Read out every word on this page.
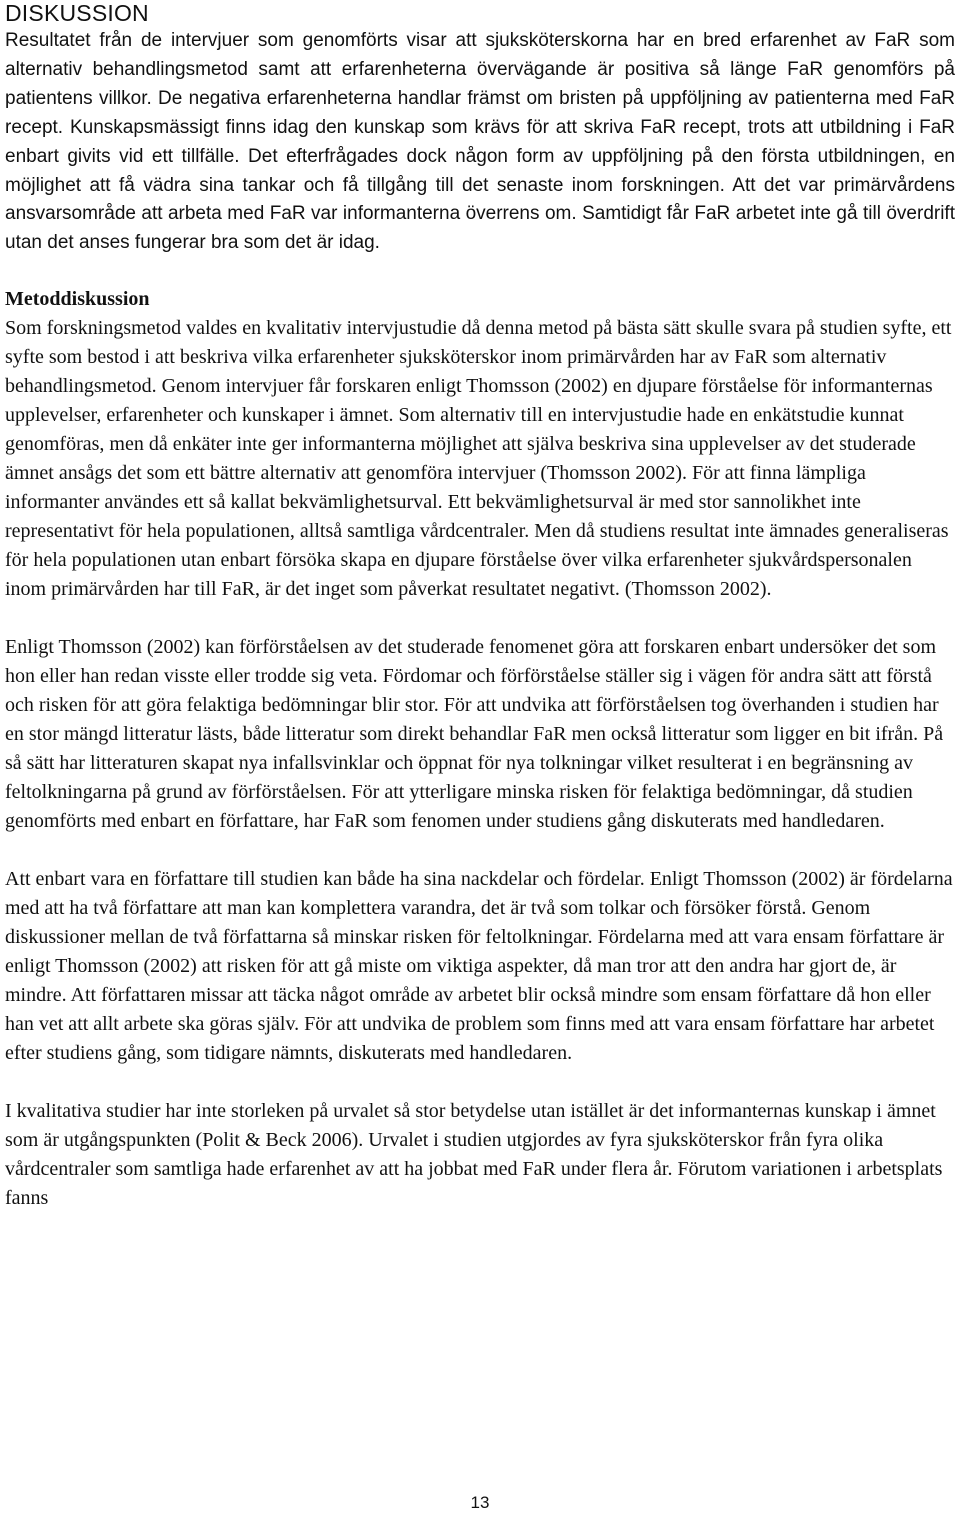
DISKUSSION

Resultatet från de intervjuer som genomförts visar att sjuksköterskorna har en bred erfarenhet av FaR som alternativ behandlingsmetod samt att erfarenheterna övervägande är positiva så länge FaR genomförs på patientens villkor. De negativa erfarenheterna handlar främst om bristen på uppföljning av patienterna med FaR recept. Kunskapsmässigt finns idag den kunskap som krävs för att skriva FaR recept, trots att utbildning i FaR enbart givits vid ett tillfälle. Det efterfrågades dock någon form av uppföljning på den första utbildningen, en möjlighet att få vädra sina tankar och få tillgång till det senaste inom forskningen. Att det var primärvårdens ansvarsområde att arbeta med FaR var informanterna överrens om. Samtidigt får FaR arbetet inte gå till överdrift utan det anses fungerar bra som det är idag.

Metoddiskussion

Som forskningsmetod valdes en kvalitativ intervjustudie då denna metod på bästa sätt skulle svara på studien syfte, ett syfte som bestod i att beskriva vilka erfarenheter sjuksköterskor inom primärvården har av FaR som alternativ behandlingsmetod. Genom intervjuer får forskaren enligt Thomsson (2002) en djupare förståelse för informanternas upplevelser, erfarenheter och kunskaper i ämnet. Som alternativ till en intervjustudie hade en enkätstudie kunnat genomföras, men då enkäter inte ger informanterna möjlighet att själva beskriva sina upplevelser av det studerade ämnet ansågs det som ett bättre alternativ att genomföra intervjuer (Thomsson 2002). För att finna lämpliga informanter användes ett så kallat bekvämlighetsurval. Ett bekvämlighetsurval är med stor sannolikhet inte representativt för hela populationen, alltså samtliga vårdcentraler. Men då studiens resultat inte ämnades generaliseras för hela populationen utan enbart försöka skapa en djupare förståelse över vilka erfarenheter sjukvårdspersonalen inom primärvården har till FaR, är det inget som påverkat resultatet negativt. (Thomsson 2002).

Enligt Thomsson (2002) kan förförståelsen av det studerade fenomenet göra att forskaren enbart undersöker det som hon eller han redan visste eller trodde sig veta. Fördomar och förförståelse ställer sig i vägen för andra sätt att förstå och risken för att göra felaktiga bedömningar blir stor. För att undvika att förförståelsen tog överhanden i studien har en stor mängd litteratur lästs, både litteratur som direkt behandlar FaR men också litteratur som ligger en bit ifrån. På så sätt har litteraturen skapat nya infallsvinklar och öppnat för nya tolkningar vilket resulterat i en begränsning av feltolkningarna på grund av förförståelsen. För att ytterligare minska risken för felaktiga bedömningar, då studien genomförts med enbart en författare, har FaR som fenomen under studiens gång diskuterats med handledaren.

Att enbart vara en författare till studien kan både ha sina nackdelar och fördelar. Enligt Thomsson (2002) är fördelarna med att ha två författare att man kan komplettera varandra, det är två som tolkar och försöker förstå. Genom diskussioner mellan de två författarna så minskar risken för feltolkningar. Fördelarna med att vara ensam författare är enligt Thomsson (2002) att risken för att gå miste om viktiga aspekter, då man tror att den andra har gjort de, är mindre. Att författaren missar att täcka något område av arbetet blir också mindre som ensam författare då hon eller han vet att allt arbete ska göras själv. För att undvika de problem som finns med att vara ensam författare har arbetet efter studiens gång, som tidigare nämnts, diskuterats med handledaren.

I kvalitativa studier har inte storleken på urvalet så stor betydelse utan istället är det informanternas kunskap i ämnet som är utgångspunkten (Polit & Beck 2006). Urvalet i studien utgjordes av fyra sjuksköterskor från fyra olika vårdcentraler som samtliga hade erfarenhet av att ha jobbat med FaR under flera år. Förutom variationen i arbetsplats fanns

13
